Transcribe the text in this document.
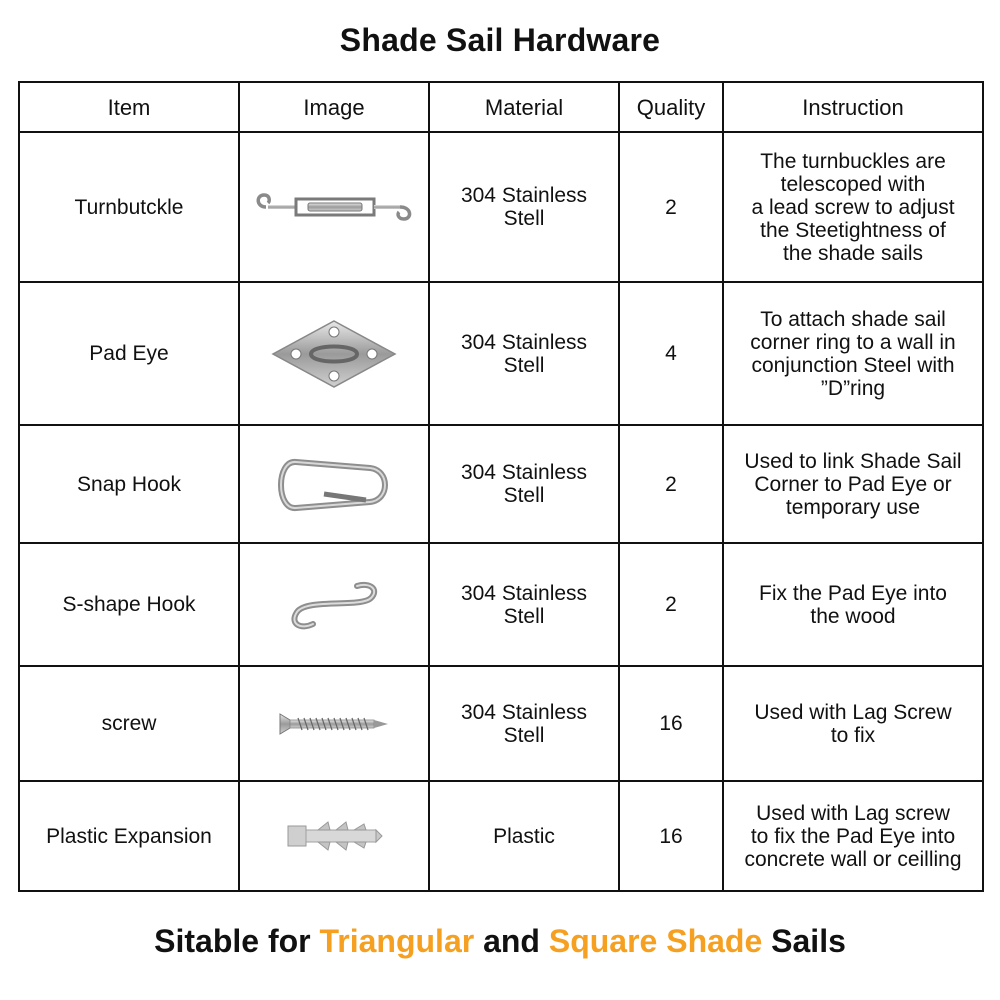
Shade Sail Hardware
Item	Image	Material	Quality	Instruction
Turnbutckle		304 Stainless
Stell	2	The turnbuckles are
telescoped with
a lead screw to adjust
the Steetightness of
the shade sails
Pad Eye		304 Stainless
Stell	4	To attach shade sail
corner ring to a wall in
conjunction Steel with
”D”ring
Snap Hook		304 Stainless
Stell	2	Used to link Shade Sail
Corner to Pad Eye or
temporary use
S-shape Hook		304 Stainless
Stell	2	Fix the Pad Eye into
the wood
screw		304 Stainless
Stell	16	Used with Lag Screw
to fix
Plastic Expansion		Plastic	16	Used with Lag screw
to fix the Pad Eye into
concrete wall or ceilling
Sitable for Triangular and Square Shade Sails
